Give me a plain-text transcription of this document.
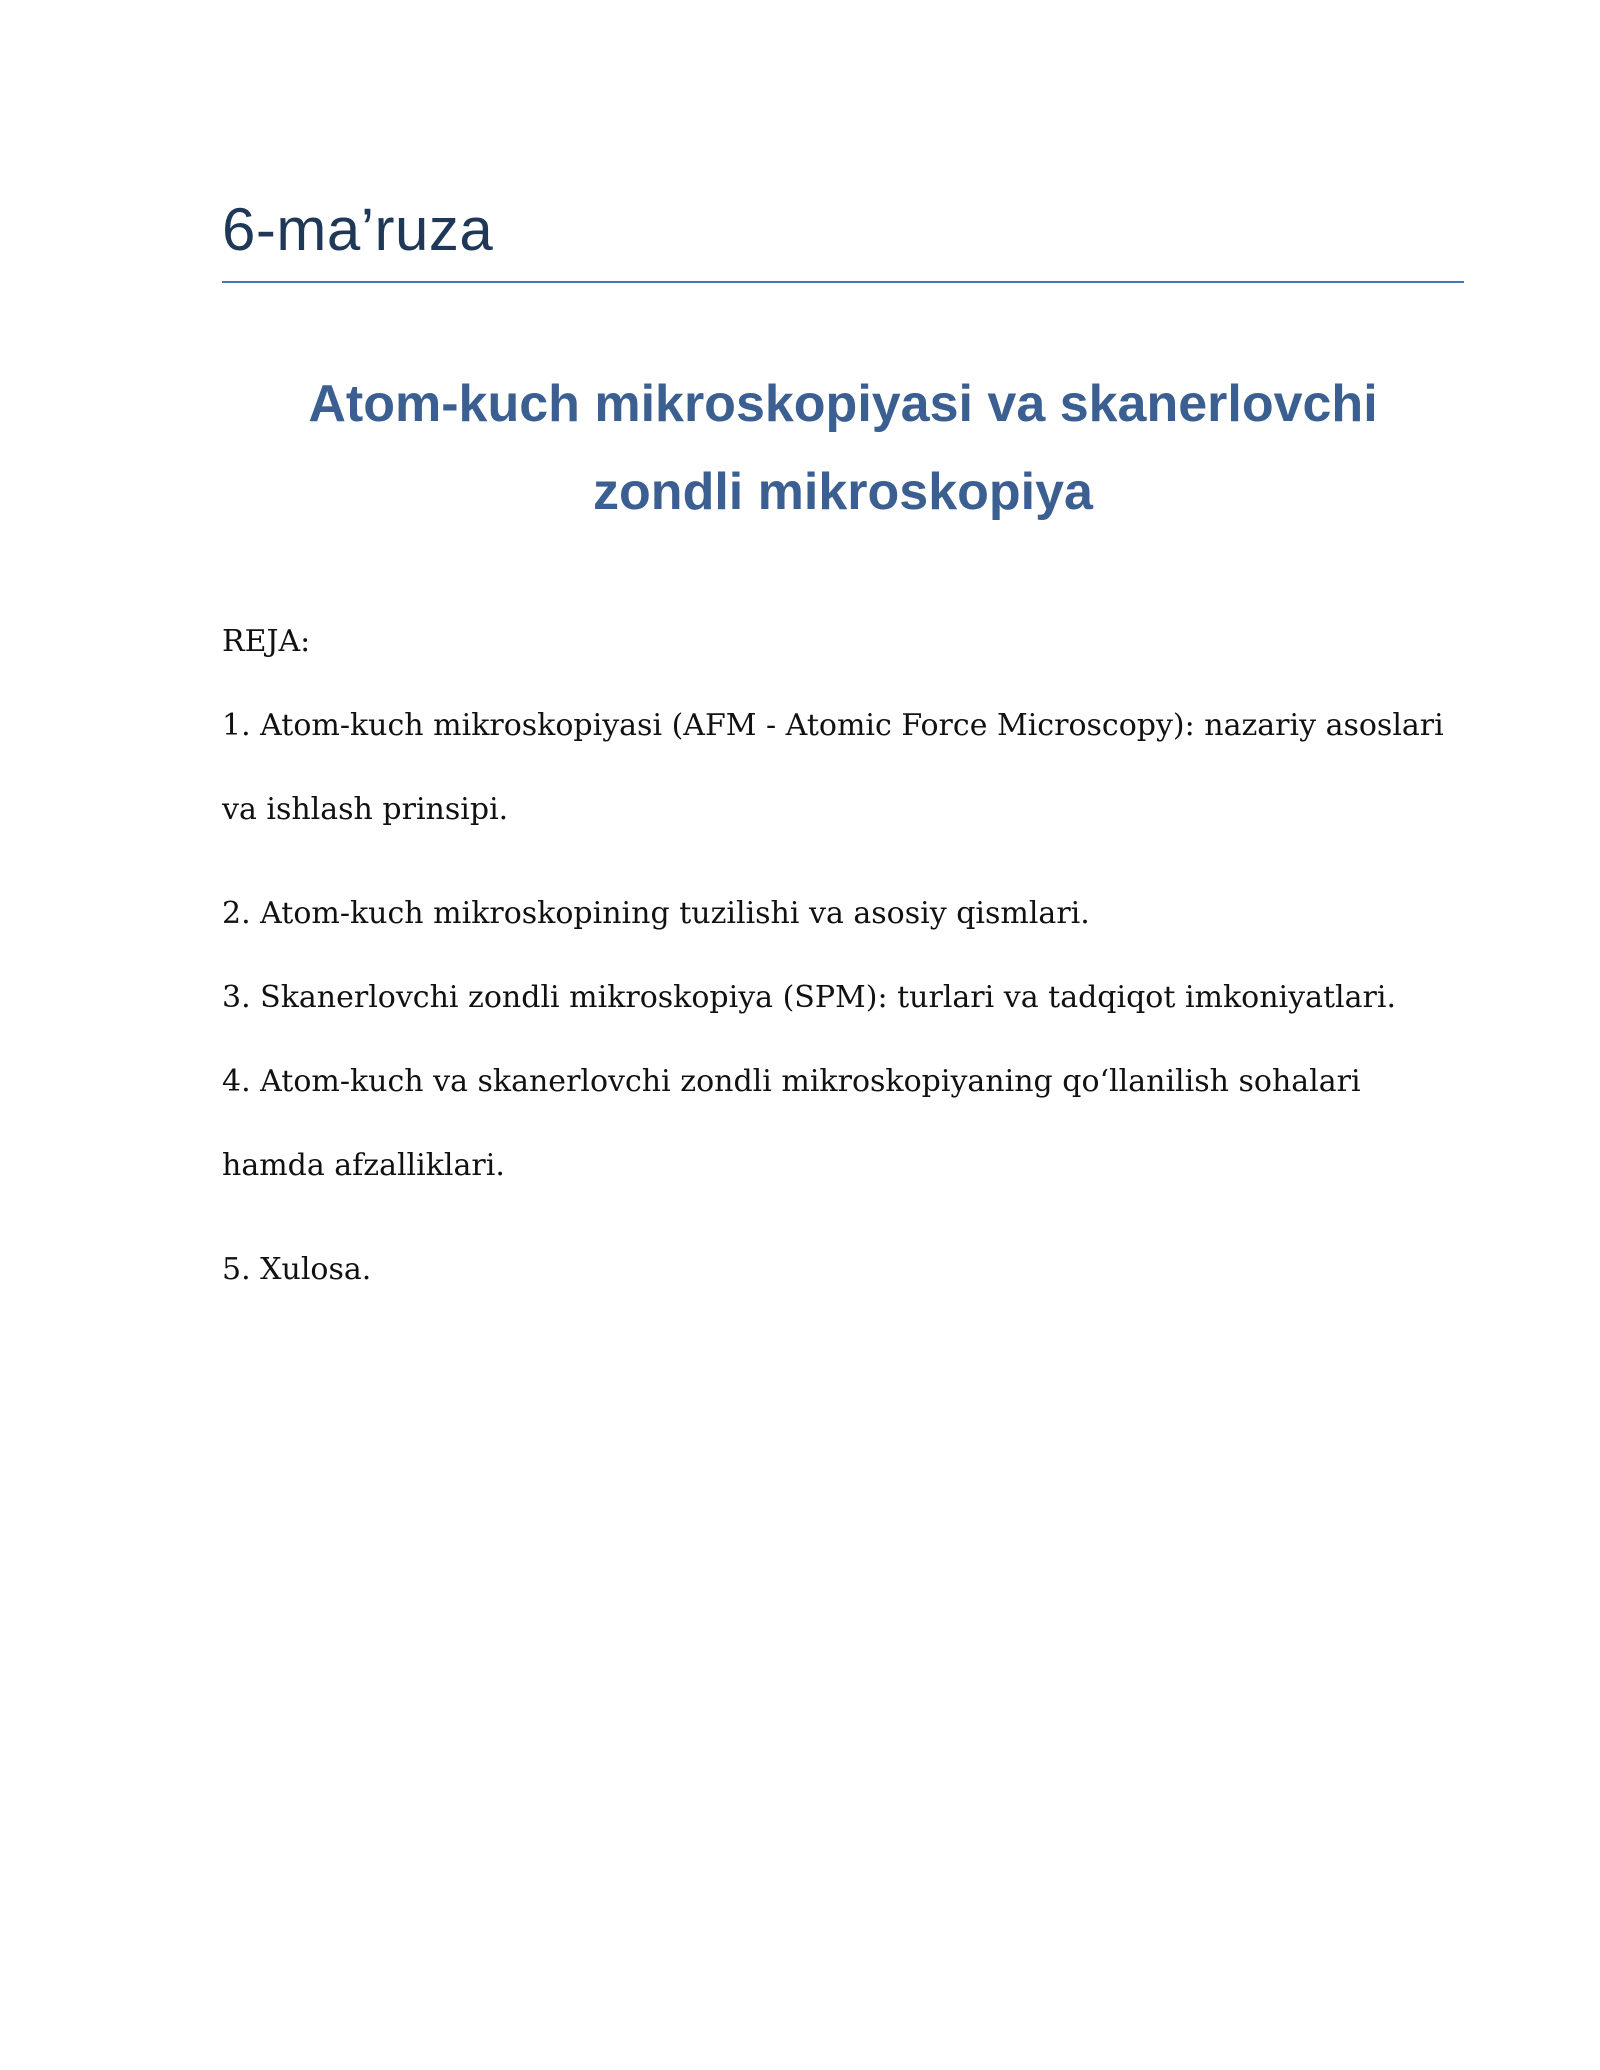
6-ma’ruza
Atom-kuch mikroskopiyasi va skanerlovchi
zondli mikroskopiya

REJA:

1. Atom-kuch mikroskopiyasi (AFM - Atomic Force Microscopy): nazariy asoslari
va ishlash prinsipi.
2. Atom-kuch mikroskopining tuzilishi va asosiy qismlari.
3. Skanerlovchi zondli mikroskopiya (SPM): turlari va tadqiqot imkoniyatlari.
4. Atom-kuch va skanerlovchi zondli mikroskopiyaning qo‘llanilish sohalari
hamda afzalliklari.
5. Xulosa.
